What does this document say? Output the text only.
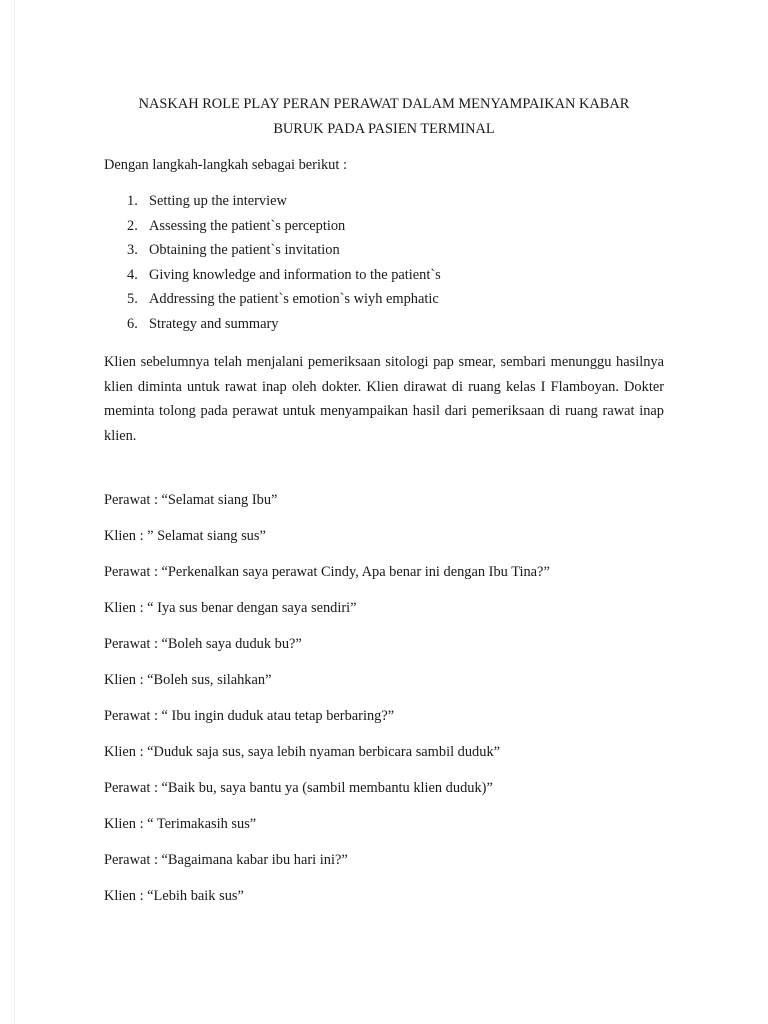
NASKAH ROLE PLAY PERAN PERAWAT DALAM MENYAMPAIKAN KABAR
BURUK PADA PASIEN TERMINAL
Dengan langkah-langkah sebagai berikut :
1. Setting up the interview
2. Assessing the patient`s perception
3. Obtaining the patient`s invitation
4. Giving knowledge and information to the patient`s
5. Addressing the patient`s emotion`s wiyh emphatic
6. Strategy and summary

Klien sebelumnya telah menjalani pemeriksaan sitologi pap smear, sembari menunggu hasilnya klien diminta untuk rawat inap oleh dokter. Klien dirawat di ruang kelas I Flamboyan. Dokter meminta tolong pada perawat untuk menyampaikan hasil dari pemeriksaan di ruang rawat inap klien.

Perawat : “Selamat siang Ibu”
Klien : ” Selamat siang sus”
Perawat : “Perkenalkan saya perawat Cindy, Apa benar ini dengan Ibu Tina?”
Klien : “ Iya sus benar dengan saya sendiri”
Perawat : “Boleh saya duduk bu?”
Klien : “Boleh sus, silahkan”
Perawat : “ Ibu ingin duduk atau tetap berbaring?”
Klien : “Duduk saja sus, saya lebih nyaman berbicara sambil duduk”
Perawat : “Baik bu, saya bantu ya (sambil membantu klien duduk)”
Klien : “ Terimakasih sus”
Perawat : “Bagaimana kabar ibu hari ini?”
Klien : “Lebih baik sus”
